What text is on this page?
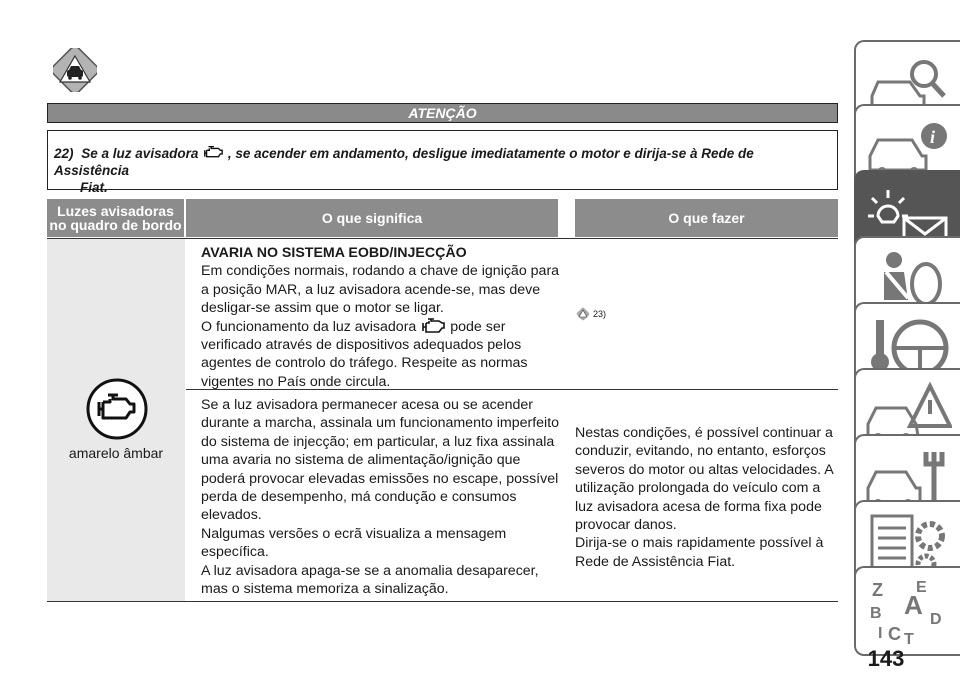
ATENÇÃO
22) Se a luz avisadora , se acender em andamento, desligue imediatamente o motor e dirija-se à Rede de Assistência
Fiat.
Luzes avisadoras
no quadro de bordo	O que significa	O que fazer
amarelo âmbar
AVARIA NO SISTEMA EOBD/INJECÇÃO
Em condições normais, rodando a chave de ignição para a posição MAR, a luz avisadora acende-se, mas deve desligar-se assim que o motor se ligar.
O funcionamento da luz avisadora pode ser verificado através de dispositivos adequados pelos agentes de controlo do tráfego. Respeite as normas vigentes no País onde circula.
23)
Se a luz avisadora permanecer acesa ou se acender durante a marcha, assinala um funcionamento imperfeito do sistema de injecção; em particular, a luz fixa assinala uma avaria no sistema de alimentação/ignição que poderá provocar elevadas emissões no escape, possível perda de desempenho, má condução e consumos elevados.
Nalgumas versões o ecrã visualiza a mensagem específica.
A luz avisadora apaga-se se a anomalia desaparecer, mas o sistema memoriza a sinalização.
Nestas condições, é possível continuar a conduzir, evitando, no entanto, esforços severos do motor ou altas velocidades. A utilização prolongada do veículo com a luz avisadora acesa de forma fixa pode provocar danos.
Dirija-se o mais rapidamente possível à Rede de Assistência Fiat.
i
Z E
B A D
I C T
143
